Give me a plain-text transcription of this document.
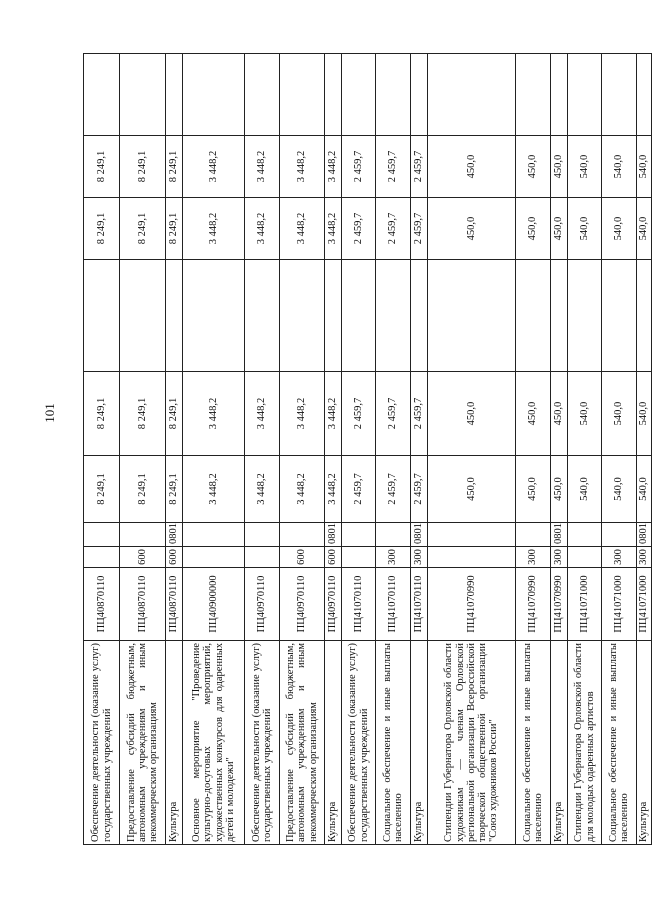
101
Обеспечение деятельности (оказание услуг) государственных учреждений	ПЦ40870110			8 249,1	8 249,1		8 249,1	8 249,1	
Предоставление субсидий бюджетным, автономным учреждениям и иным некоммерческим организациям	ПЦ40870110	600		8 249,1	8 249,1		8 249,1	8 249,1	
Культура	ПЦ40870110	600	0801	8 249,1	8 249,1		8 249,1	8 249,1	
Основное мероприятие "Проведение культурно-досуговых мероприятий, художественных конкурсов для одаренных детей и молодежи"	ПЦ40900000			3 448,2	3 448,2		3 448,2	3 448,2	
Обеспечение деятельности (оказание услуг) государственных учреждений	ПЦ40970110			3 448,2	3 448,2		3 448,2	3 448,2	
Предоставление субсидий бюджетным, автономным учреждениям и иным некоммерческим организациям	ПЦ40970110	600		3 448,2	3 448,2		3 448,2	3 448,2	
Культура	ПЦ40970110	600	0801	3 448,2	3 448,2		3 448,2	3 448,2	
Обеспечение деятельности (оказание услуг) государственных учреждений	ПЦ41070110			2 459,7	2 459,7		2 459,7	2 459,7	
Социальное обеспечение и иные выплаты населению	ПЦ41070110	300		2 459,7	2 459,7		2 459,7	2 459,7	
Культура	ПЦ41070110	300	0801	2 459,7	2 459,7		2 459,7	2 459,7	
Стипендии Губернатора Орловской области художникам — членам Орловской региональной организации Всероссийской творческой общественной организации "Союз художников России"	ПЦ41070990			450,0	450,0		450,0	450,0	
Социальное обеспечение и иные выплаты населению	ПЦ41070990	300		450,0	450,0		450,0	450,0	
Культура	ПЦ41070990	300	0801	450,0	450,0		450,0	450,0	
Стипендии Губернатора Орловской области для молодых одаренных артистов	ПЦ41071000			540,0	540,0		540,0	540,0	
Социальное обеспечение и иные выплаты населению	ПЦ41071000	300		540,0	540,0		540,0	540,0	
Культура	ПЦ41071000	300	0801	540,0	540,0		540,0	540,0	
